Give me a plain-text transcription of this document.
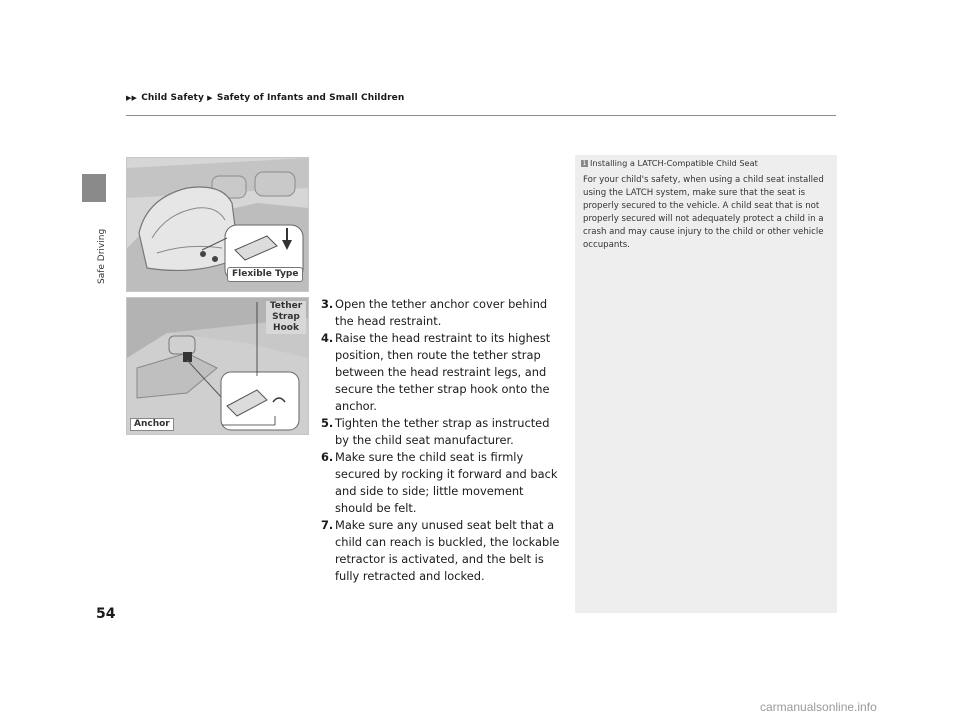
▶▶ Child Safety ▶ Safety of Infants and Small Children
Safe Driving	Flexible Type
Tether Strap Hook
Anchor
3. Open the tether anchor cover behind the head restraint.
4. Raise the head restraint to its highest position, then route the tether strap between the head restraint legs, and secure the tether strap hook onto the anchor.
5. Tighten the tether strap as instructed by the child seat manufacturer.
6. Make sure the child seat is firmly secured by rocking it forward and back and side to side; little movement should be felt.
7. Make sure any unused seat belt that a child can reach is buckled, the lockable retractor is activated, and the belt is fully retracted and locked.
1 Installing a LATCH-Compatible Child Seat
For your child's safety, when using a child seat installed using the LATCH system, make sure that the seat is properly secured to the vehicle. A child seat that is not properly secured will not adequately protect a child in a crash and may cause injury to the child or other vehicle occupants.
54
carmanualsonline.info
